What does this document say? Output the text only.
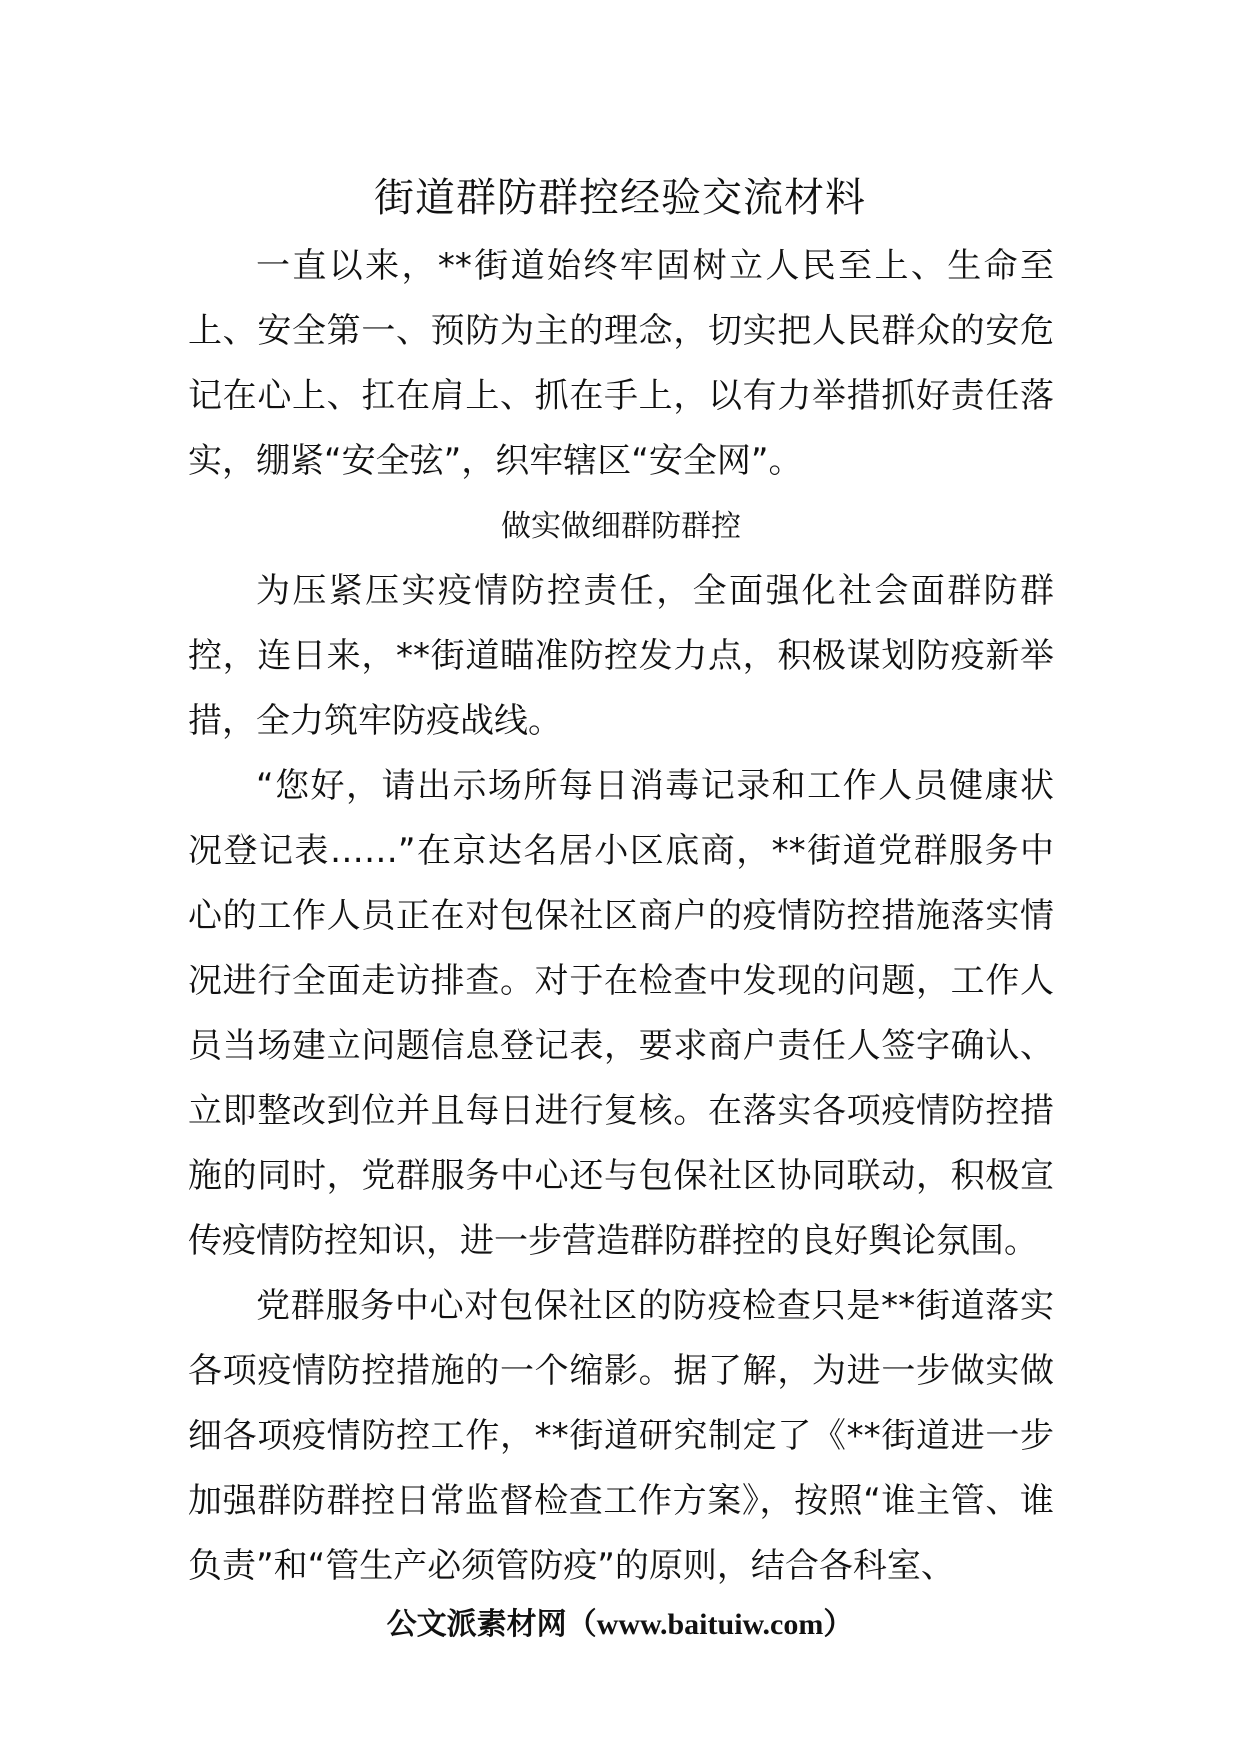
街道群防群控经验交流材料

一直以来，**街道始终牢固树立人民至上、生命至上、安全第一、预防为主的理念，切实把人民群众的安危记在心上、扛在肩上、抓在手上，以有力举措抓好责任落实，绷紧“安全弦”，织牢辖区“安全网”。

做实做细群防群控

为压紧压实疫情防控责任，全面强化社会面群防群控，连日来，**街道瞄准防控发力点，积极谋划防疫新举措，全力筑牢防疫战线。

“您好，请出示场所每日消毒记录和工作人员健康状况登记表……”在京达名居小区底商，**街道党群服务中心的工作人员正在对包保社区商户的疫情防控措施落实情况进行全面走访排查。对于在检查中发现的问题，工作人员当场建立问题信息登记表，要求商户责任人签字确认、立即整改到位并且每日进行复核。在落实各项疫情防控措施的同时，党群服务中心还与包保社区协同联动，积极宣传疫情防控知识，进一步营造群防群控的良好舆论氛围。

党群服务中心对包保社区的防疫检查只是**街道落实各项疫情防控措施的一个缩影。据了解，为进一步做实做细各项疫情防控工作，**街道研究制定了《**街道进一步加强群防群控日常监督检查工作方案》，按照“谁主管、谁负责”和“管生产必须管防疫”的原则，结合各科室、

公文派素材网（www.baituiw.com）
